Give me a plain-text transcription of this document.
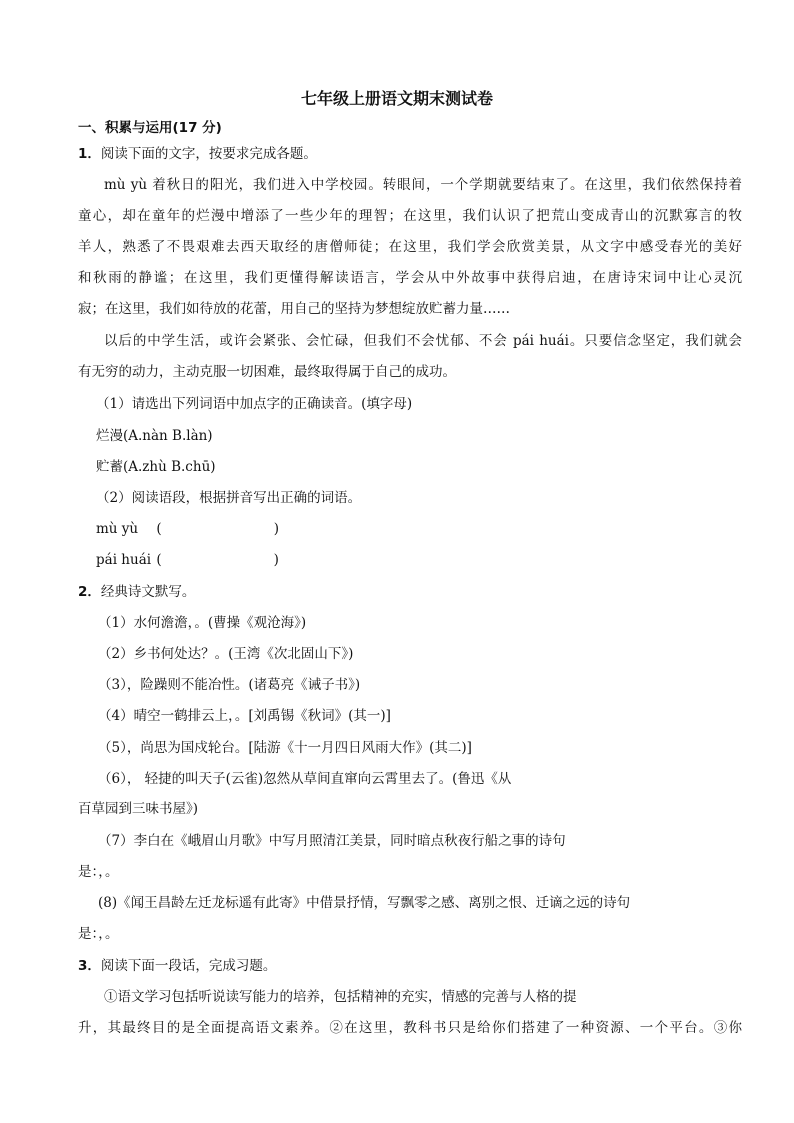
七年级上册语文期末测试卷
一、积累与运用(17 分)
1．阅读下面的文字，按要求完成各题。
mù yù 着秋日的阳光，我们进入中学校园。转眼间，一个学期就要结束了。在这里，我们依然保持着
童心，却在童年的烂漫中增添了一些少年的理智；在这里，我们认识了把荒山变成青山的沉默寡言的牧
羊人，熟悉了不畏艰难去西天取经的唐僧师徒；在这里，我们学会欣赏美景，从文字中感受春光的美好
和秋雨的静谧；在这里，我们更懂得解读语言，学会从中外故事中获得启迪，在唐诗宋词中让心灵沉
寂；在这里，我们如待放的花蕾，用自己的坚持为梦想绽放贮蓄力量……
以后的中学生活，或许会紧张、会忙碌，但我们不会忧郁、不会 pái huái。只要信念坚定，我们就会
有无穷的动力，主动克服一切困难，最终取得属于自己的成功。
（1）请选出下列词语中加点字的正确读音。(填字母)
烂漫(A.nàn B.làn)
贮蓄(A.zhù B.chū)
（2）阅读语段，根据拼音写出正确的词语。
mù yù (	)
pái huái (	)
2．经典诗文默写。
（1）水何澹澹，。(曹操《观沧海》)
（2）乡书何处达？。(王湾《次北固山下》)
（3），险躁则不能冶性。(诸葛亮《诫子书》)
（4）晴空一鹤排云上，。[刘禹锡《秋词》(其一)]
（5），尚思为国戍轮台。[陆游《十一月四日风雨大作》(其二)]
（6）， 轻捷的叫天子(云雀)忽然从草间直窜向云霄里去了。(鲁迅《从
百草园到三味书屋》)
（7）李白在《峨眉山月歌》中写月照清江美景，同时暗点秋夜行船之事的诗句
是：，。
(8)《闻王昌龄左迁龙标遥有此寄》中借景抒情，写飘零之感、离别之恨、迁谪之远的诗句
是：，。
3．阅读下面一段话，完成习题。
①语文学习包括听说读写能力的培养，包括精神的充实，情感的完善与人格的提
升，其最终目的是全面提高语文素养。②在这里，教科书只是给你们搭建了一种资源、一个平台。③你
